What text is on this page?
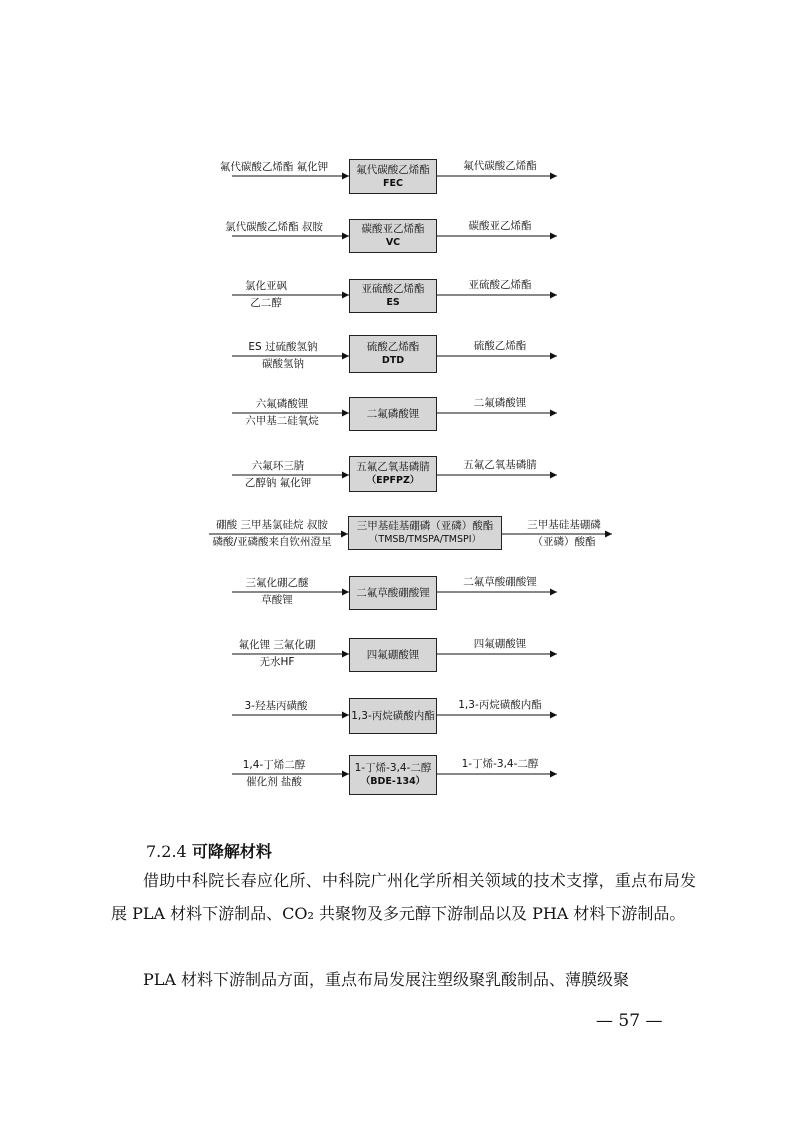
氟代碳酸乙烯酯 氟化钾	氟代碳酸乙烯酯
FEC
氟代碳酸乙烯酯
氯代碳酸乙烯酯 叔胺	碳酸亚乙烯酯
VC
碳酸亚乙烯酯
氯化亚砜
乙二醇
亚硫酸乙烯酯
ES
亚硫酸乙烯酯
ES 过硫酸氢钠
碳酸氢钠
硫酸乙烯酯
DTD
硫酸乙烯酯
六氟磷酸锂
六甲基二硅氧烷
二氟磷酸锂
二氟磷酸锂
六氟环三腈
乙醇钠 氟化钾
五氟乙氧基磷腈
（EPFPZ）
五氟乙氧基磷腈
硼酸 三甲基氯硅烷 叔胺
磷酸/亚磷酸来自钦州澄星
三甲基硅基硼磷（亚磷）酸酯
（TMSB/TMSPA/TMSPI）
三甲基硅基硼磷
（亚磷）酸酯
三氟化硼乙醚
草酸锂
二氟草酸硼酸锂
二氟草酸硼酸锂
氟化锂 三氟化硼
无水HF
四氟硼酸锂
四氟硼酸锂
3-羟基丙磺酸
1,3-丙烷磺酸内酯
1,3-丙烷磺酸内酯
1,4-丁烯二醇
催化剂 盐酸
1-丁烯-3,4-二醇
（BDE-134）
1-丁烯-3,4-二醇
7.2.4 可降解材料
借助中科院长春应化所、中科院广州化学所相关领域的技术支撑，重点布局发展 PLA 材料下游制品、CO₂ 共聚物及多元醇下游制品以及 PHA 材料下游制品。
PLA 材料下游制品方面，重点布局发展注塑级聚乳酸制品、薄膜级聚
— 57 —
